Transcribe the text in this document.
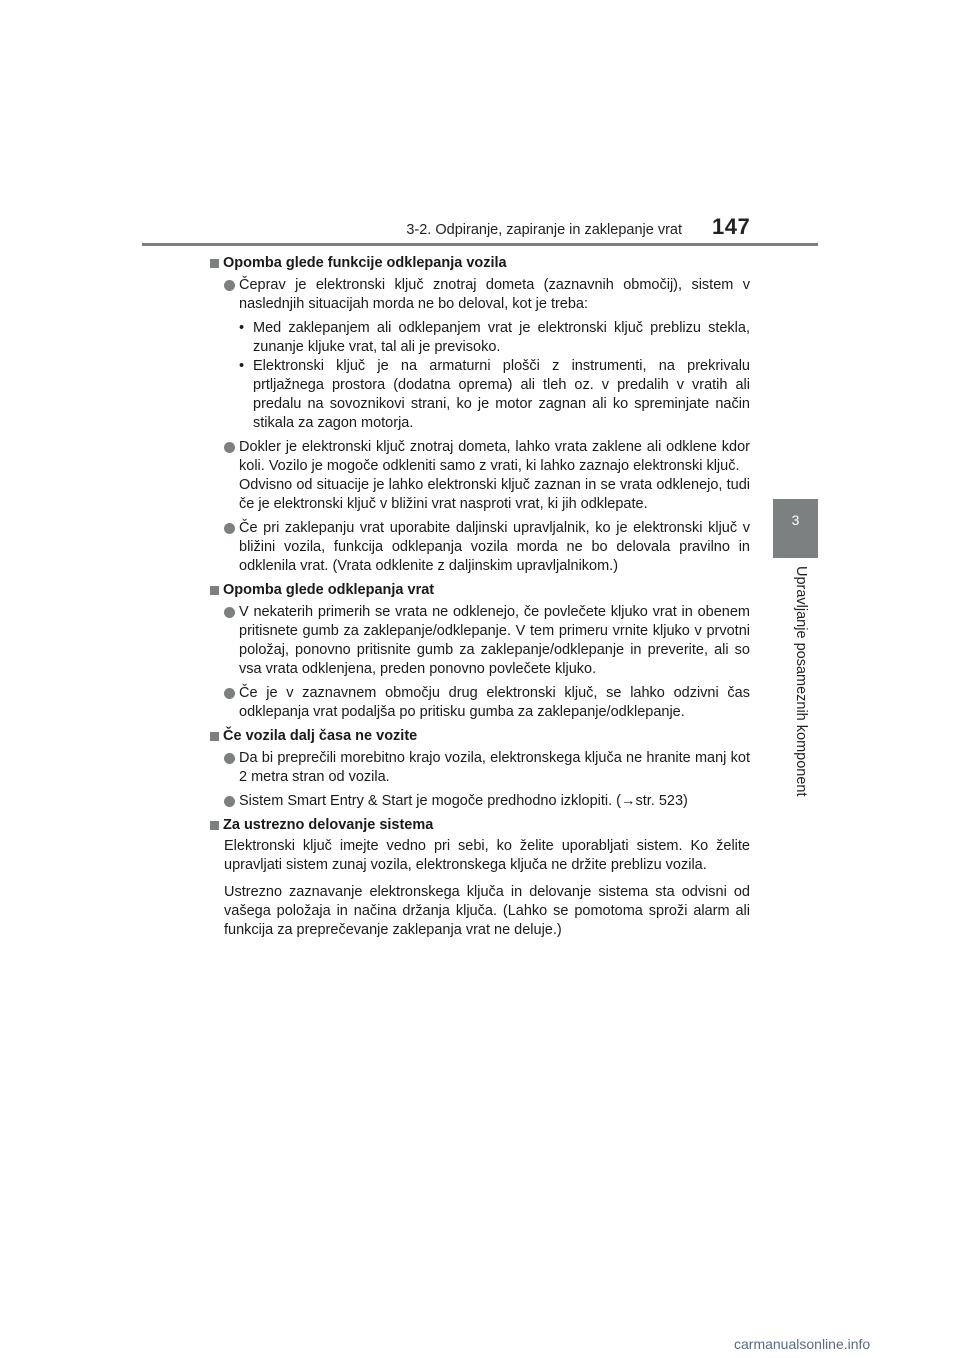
3-2. Odpiranje, zapiranje in zaklepanje vrat 147
3
Upravljanje posameznih komponent
Opomba glede funkcije odklepanja vozila

Čeprav je elektronski ključ znotraj dometa (zaznavnih območij), sistem v naslednjih situacijah morda ne bo deloval, kot je treba:

• Med zaklepanjem ali odklepanjem vrat je elektronski ključ preblizu stekla, zunanje kljuke vrat, tal ali je previsoko.
• Elektronski ključ je na armaturni plošči z instrumenti, na prekrivalu prtljažnega prostora (dodatna oprema) ali tleh oz. v predalih v vratih ali predalu na sovoznikovi strani, ko je motor zagnan ali ko spreminjate način stikala za zagon motorja.

Dokler je elektronski ključ znotraj dometa, lahko vrata zaklene ali odklene kdor koli. Vozilo je mogoče odkleniti samo z vrati, ki lahko zaznajo elektronski ključ.

Odvisno od situacije je lahko elektronski ključ zaznan in se vrata odklenejo, tudi če je elektronski ključ v bližini vrat nasproti vrat, ki jih odklepate.

Če pri zaklepanju vrat uporabite daljinski upravljalnik, ko je elektronski ključ v bližini vozila, funkcija odklepanja vozila morda ne bo delovala pravilno in odklenila vrat. (Vrata odklenite z daljinskim upravljalnikom.)

Opomba glede odklepanja vrat

V nekaterih primerih se vrata ne odklenejo, če povlečete kljuko vrat in obenem pritisnete gumb za zaklepanje/odklepanje. V tem primeru vrnite kljuko v prvotni položaj, ponovno pritisnite gumb za zaklepanje/odklepanje in preverite, ali so vsa vrata odklenjena, preden ponovno povlečete kljuko.

Če je v zaznavnem območju drug elektronski ključ, se lahko odzivni čas odklepanja vrat podaljša po pritisku gumba za zaklepanje/odklepanje.

Če vozila dalj časa ne vozite

Da bi preprečili morebitno krajo vozila, elektronskega ključa ne hranite manj kot 2 metra stran od vozila.

Sistem Smart Entry & Start je mogoče predhodno izklopiti. (→str. 523)

Za ustrezno delovanje sistema

Elektronski ključ imejte vedno pri sebi, ko želite uporabljati sistem. Ko želite upravljati sistem zunaj vozila, elektronskega ključa ne držite preblizu vozila.

Ustrezno zaznavanje elektronskega ključa in delovanje sistema sta odvisni od vašega položaja in načina držanja ključa. (Lahko se pomotoma sproži alarm ali funkcija za preprečevanje zaklepanja vrat ne deluje.)

carmanualsonline.info
